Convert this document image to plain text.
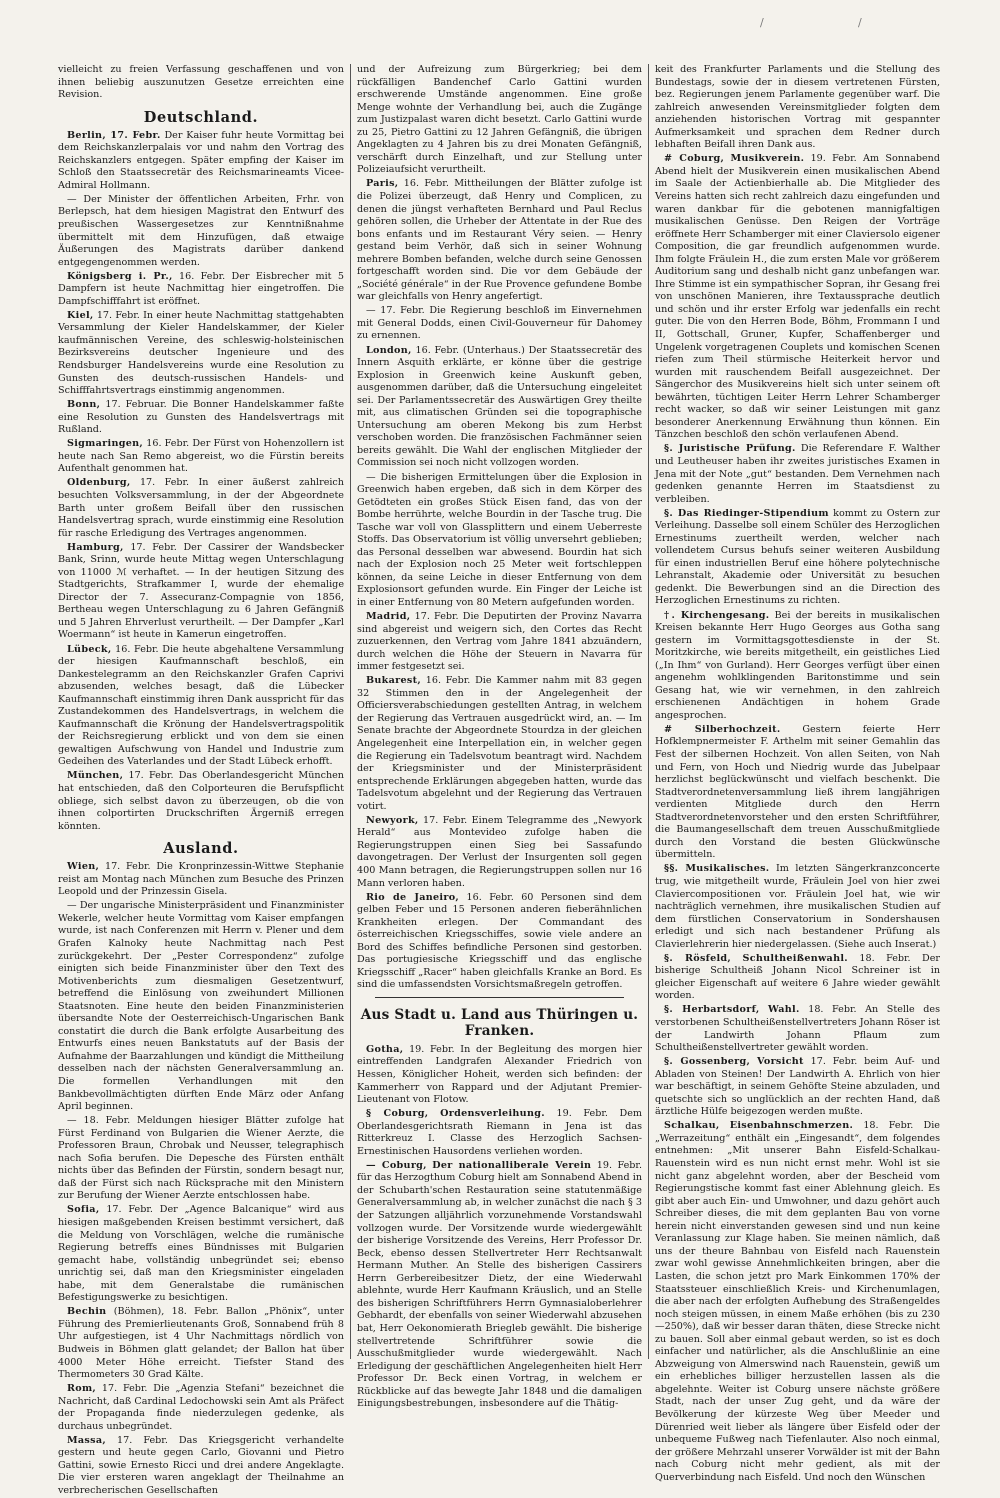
/	/

vielleicht zu freien Verfassung geschaffenen und von ihnen beliebig auszunutzen Gesetze erreichten eine Revision.

Deutschland.

Berlin, 17. Febr. Der Kaiser fuhr heute Vormittag bei dem Reichskanzlerpalais vor und nahm den Vortrag des Reichskanzlers entgegen. Später empfing der Kaiser im Schloß den Staatssecretär des Reichsmarineamts Vicee-Admiral Hollmann.

— Der Minister der öffentlichen Arbeiten, Frhr. von Berlepsch, hat dem hiesigen Magistrat den Entwurf des preußischen Wassergesetzes zur Kenntnißnahme übermittelt mit dem Hinzufügen, daß etwaige Äußerungen des Magistrats darüber dankend entgegengenommen werden.

Königsberg i. Pr., 16. Febr. Der Eisbrecher mit 5 Dampfern ist heute Nachmittag hier eingetroffen. Die Dampfschifffahrt ist eröffnet.

Kiel, 17. Febr. In einer heute Nachmittag stattgehabten Versammlung der Kieler Handelskammer, der Kieler kaufmännischen Vereine, des schleswig-holsteinischen Bezirksvereins deutscher Ingenieure und des Rendsburger Handelsvereins wurde eine Resolution zu Gunsten des deutsch-russischen Handels- und Schifffahrtsvertrags einstimmig angenommen.

Bonn, 17. Februar. Die Bonner Handelskammer faßte eine Resolution zu Gunsten des Handelsvertrags mit Rußland.

Sigmaringen, 16. Febr. Der Fürst von Hohenzollern ist heute nach San Remo abgereist, wo die Fürstin bereits Aufenthalt genommen hat.

Oldenburg, 17. Febr. In einer äußerst zahlreich besuchten Volksversammlung, in der der Abgeordnete Barth unter großem Beifall über den russischen Handelsvertrag sprach, wurde einstimmig eine Resolution für rasche Erledigung des Vertrages angenommen.

Hamburg, 17. Febr. Der Cassirer der Wandsbecker Bank, Srinn, wurde heute Mittag wegen Unterschlagung von 11000 ℳ verhaftet. — In der heutigen Sitzung des Stadtgerichts, Strafkammer I, wurde der ehemalige Director der 7. Assecuranz-Compagnie von 1856, Bertheau wegen Unterschlagung zu 6 Jahren Gefängniß und 5 Jahren Ehrverlust verurtheilt. — Der Dampfer „Karl Woermann“ ist heute in Kamerun eingetroffen.

Lübeck, 16. Febr. Die heute abgehaltene Versammlung der hiesigen Kaufmannschaft beschloß, ein Dankestelegramm an den Reichskanzler Grafen Caprivi abzusenden, welches besagt, daß die Lübecker Kaufmannschaft einstimmig ihren Dank ausspricht für das Zustandekommen des Handelsvertrags, in welchem die Kaufmannschaft die Krönung der Handelsvertragspolitik der Reichsregierung erblickt und von dem sie einen gewaltigen Aufschwung von Handel und Industrie zum Gedeihen des Vaterlandes und der Stadt Lübeck erhofft.

München, 17. Febr. Das Oberlandesgericht München hat entschieden, daß den Colporteuren die Berufspflicht obliege, sich selbst davon zu überzeugen, ob die von ihnen colportirten Druckschriften Ärgerniß erregen könnten.

Ausland.

Wien, 17. Febr. Die Kronprinzessin-Wittwe Stephanie reist am Montag nach München zum Besuche des Prinzen Leopold und der Prinzessin Gisela.

— Der ungarische Ministerpräsident und Finanzminister Wekerle, welcher heute Vormittag vom Kaiser empfangen wurde, ist nach Conferenzen mit Herrn v. Plener und dem Grafen Kalnoky heute Nachmittag nach Pest zurückgekehrt. Der „Pester Correspondenz“ zufolge einigten sich beide Finanzminister über den Text des Motivenberichts zum diesmaligen Gesetzentwurf, betreffend die Einlösung von zweihundert Millionen Staatsnoten. Eine heute den beiden Finanzministerien übersandte Note der Oesterreichisch-Ungarischen Bank constatirt die durch die Bank erfolgte Ausarbeitung des Entwurfs eines neuen Bankstatuts auf der Basis der Aufnahme der Baarzahlungen und kündigt die Mittheilung desselben nach der nächsten Generalversammlung an. Die formellen Verhandlungen mit den Bankbevollmächtigten dürften Ende März oder Anfang April beginnen.

— 18. Febr. Meldungen hiesiger Blätter zufolge hat Fürst Ferdinand von Bulgarien die Wiener Aerzte, die Professoren Braun, Chrobak und Neusser, telegraphisch nach Sofia berufen. Die Depesche des Fürsten enthält nichts über das Befinden der Fürstin, sondern besagt nur, daß der Fürst sich nach Rücksprache mit den Ministern zur Berufung der Wiener Aerzte entschlossen habe.

Sofia, 17. Febr. Der „Agence Balcanique“ wird aus hiesigen maßgebenden Kreisen bestimmt versichert, daß die Meldung von Vorschlägen, welche die rumänische Regierung betreffs eines Bündnisses mit Bulgarien gemacht habe, vollständig unbegründet sei; ebenso unrichtig sei, daß man den Kriegsminister eingeladen habe, mit dem Generalstabe die rumänischen Befestigungswerke zu besichtigen.

Bechin (Böhmen), 18. Febr. Ballon „Phönix“, unter Führung des Premierlieutenants Groß, Sonnabend früh 8 Uhr aufgestiegen, ist 4 Uhr Nachmittags nördlich von Budweis in Böhmen glatt gelandet; der Ballon hat über 4000 Meter Höhe erreicht. Tiefster Stand des Thermometers 30 Grad Kälte.

Rom, 17. Febr. Die „Agenzia Stefani“ bezeichnet die Nachricht, daß Cardinal Ledochowski sein Amt als Präfect der Propaganda finde niederzulegen gedenke, als durchaus unbegründet.

Massa, 17. Febr. Das Kriegsgericht verhandelte gestern und heute gegen Carlo, Giovanni und Pietro Gattini, sowie Ernesto Ricci und drei andere Angeklagte. Die vier ersteren waren angeklagt der Theilnahme an verbrecherischen Gesellschaften

und der Aufreizung zum Bürgerkrieg; bei dem rückfälligen Bandenchef Carlo Gattini wurden erschwerende Umstände angenommen. Eine große Menge wohnte der Verhandlung bei, auch die Zugänge zum Justizpalast waren dicht besetzt. Carlo Gattini wurde zu 25, Pietro Gattini zu 12 Jahren Gefängniß, die übrigen Angeklagten zu 4 Jahren bis zu drei Monaten Gefängniß, verschärft durch Einzelhaft, und zur Stellung unter Polizeiaufsicht verurtheilt.

Paris, 16. Febr. Mittheilungen der Blätter zufolge ist die Polizei überzeugt, daß Henry und Complicen, zu denen die jüngst verhafteten Bernhard und Paul Reclus gehören sollen, die Urheber der Attentate in der Rue des bons enfants und im Restaurant Véry seien. — Henry gestand beim Verhör, daß sich in seiner Wohnung mehrere Bomben befanden, welche durch seine Genossen fortgeschafft worden sind. Die vor dem Gebäude der „Société générale“ in der Rue Provence gefundene Bombe war gleichfalls von Henry angefertigt.

— 17. Febr. Die Regierung beschloß im Einvernehmen mit General Dodds, einen Civil-Gouverneur für Dahomey zu ernennen.

London, 16. Febr. (Unterhaus.) Der Staatssecretär des Innern Asquith erklärte, er könne über die gestrige Explosion in Greenwich keine Auskunft geben, ausgenommen darüber, daß die Untersuchung eingeleitet sei. Der Parlamentssecretär des Auswärtigen Grey theilte mit, aus climatischen Gründen sei die topographische Untersuchung am oberen Mekong bis zum Herbst verschoben worden. Die französischen Fachmänner seien bereits gewählt. Die Wahl der englischen Mitglieder der Commission sei noch nicht vollzogen worden.

— Die bisherigen Ermittelungen über die Explosion in Greenwich haben ergeben, daß sich in dem Körper des Getödteten ein großes Stück Eisen fand, das von der Bombe herrührte, welche Bourdin in der Tasche trug. Die Tasche war voll von Glassplittern und einem Ueberreste Stoffs. Das Observatorium ist völlig unversehrt geblieben; das Personal desselben war abwesend. Bourdin hat sich nach der Explosion noch 25 Meter weit fortschleppen können, da seine Leiche in dieser Entfernung von dem Explosionsort gefunden wurde. Ein Finger der Leiche ist in einer Entfernung von 80 Metern aufgefunden worden.

Madrid, 17. Febr. Die Deputirten der Provinz Navarra sind abgereist und weigern sich, den Cortes das Recht zuzuerkennen, den Vertrag vom Jahre 1841 abzuändern, durch welchen die Höhe der Steuern in Navarra für immer festgesetzt sei.

Bukarest, 16. Febr. Die Kammer nahm mit 83 gegen 32 Stimmen den in der Angelegenheit der Officiersverabschiedungen gestellten Antrag, in welchem der Regierung das Vertrauen ausgedrückt wird, an. — Im Senate brachte der Abgeordnete Stourdza in der gleichen Angelegenheit eine Interpellation ein, in welcher gegen die Regierung ein Tadelsvotum beantragt wird. Nachdem der Kriegsminister und der Ministerpräsident entsprechende Erklärungen abgegeben hatten, wurde das Tadelsvotum abgelehnt und der Regierung das Vertrauen votirt.

Newyork, 17. Febr. Einem Telegramme des „Newyork Herald“ aus Montevideo zufolge haben die Regierungstruppen einen Sieg bei Sassafundo davongetragen. Der Verlust der Insurgenten soll gegen 400 Mann betragen, die Regierungstruppen sollen nur 16 Mann verloren haben.

Rio de Janeiro, 16. Febr. 60 Personen sind dem gelben Feber und 15 Personen anderen fieberähnlichen Krankheiten erlegen. Der Commandant des österreichischen Kriegsschiffes, sowie viele andere an Bord des Schiffes befindliche Personen sind gestorben. Das portugiesische Kriegsschiff und das englische Kriegsschiff „Racer“ haben gleichfalls Kranke an Bord. Es sind die umfassendsten Vorsichtsmaßregeln getroffen.

Aus Stadt u. Land aus Thüringen u. Franken.

Gotha, 19. Febr. In der Begleitung des morgen hier eintreffenden Landgrafen Alexander Friedrich von Hessen, Königlicher Hoheit, werden sich befinden: der Kammerherr von Rappard und der Adjutant Premier-Lieutenant von Flotow.

§ Coburg, Ordensverleihung. 19. Febr. Dem Oberlandesgerichtsrath Riemann in Jena ist das Ritterkreuz I. Classe des Herzoglich Sachsen-Ernestinischen Hausordens verliehen worden.

— Coburg, Der nationalliberale Verein 19. Febr. für das Herzogthum Coburg hielt am Sonnabend Abend in der Schubarth'schen Restauration seine statutenmäßige Generalversammlung ab, in welcher zunächst die nach § 3 der Satzungen alljährlich vorzunehmende Vorstandswahl vollzogen wurde. Der Vorsitzende wurde wiedergewählt der bisherige Vorsitzende des Vereins, Herr Professor Dr. Beck, ebenso dessen Stellvertreter Herr Rechtsanwalt Hermann Muther. An Stelle des bisherigen Cassirers Herrn Gerbereibesitzer Dietz, der eine Wiederwahl ablehnte, wurde Herr Kaufmann Kräuslich, und an Stelle des bisherigen Schriftführers Herrn Gymnasialoberlehrer Gebhardt, der ebenfalls von seiner Wiederwahl abzusehen bat, Herr Oekonomierath Briegleb gewählt. Die bisherige stellvertretende Schriftführer sowie die Ausschußmitglieder wurde wiedergewählt. Nach Erledigung der geschäftlichen Angelegenheiten hielt Herr Professor Dr. Beck einen Vortrag, in welchem er Rückblicke auf das bewegte Jahr 1848 und die damaligen Einigungsbestrebungen, insbesondere auf die Thätig-

keit des Frankfurter Parlaments und die Stellung des Bundestags, sowie der in diesem vertretenen Fürsten, bez. Regierungen jenem Parlamente gegenüber warf. Die zahlreich anwesenden Vereinsmitglieder folgten dem anziehenden historischen Vortrag mit gespannter Aufmerksamkeit und sprachen dem Redner durch lebhaften Beifall ihren Dank aus.

# Coburg, Musikverein. 19. Febr. Am Sonnabend Abend hielt der Musikverein einen musikalischen Abend im Saale der Actienbierhalle ab. Die Mitglieder des Vereins hatten sich recht zahlreich dazu eingefunden und waren dankbar für die gebotenen mannigfaltigen musikalischen Genüsse. Den Reigen der Vorträge eröffnete Herr Schamberger mit einer Claviersolo eigener Composition, die gar freundlich aufgenommen wurde. Ihm folgte Fräulein H., die zum ersten Male vor größerem Auditorium sang und deshalb nicht ganz unbefangen war. Ihre Stimme ist ein sympathischer Sopran, ihr Gesang frei von unschönen Manieren, ihre Textaussprache deutlich und schön und ihr erster Erfolg war jedenfalls ein recht guter. Die von den Herren Bode, Böhm, Frommann I und II, Gottschall, Gruner, Kupfer, Schaffenberger und Ungelenk vorgetragenen Couplets und komischen Scenen riefen zum Theil stürmische Heiterkeit hervor und wurden mit rauschendem Beifall ausgezeichnet. Der Sängerchor des Musikvereins hielt sich unter seinem oft bewährten, tüchtigen Leiter Herrn Lehrer Schamberger recht wacker, so daß wir seiner Leistungen mit ganz besonderer Anerkennung Erwähnung thun können. Ein Tänzchen beschloß den schön verlaufenen Abend.

§. Juristische Prüfung. Die Referendare F. Walther und Leutheuser haben ihr zweites juristisches Examen in Jena mit der Note „gut“ bestanden. Dem Vernehmen nach gedenken genannte Herren im Staatsdienst zu verbleiben.

§. Das Riedinger-Stipendium kommt zu Ostern zur Verleihung. Dasselbe soll einem Schüler des Herzoglichen Ernestinums zuertheilt werden, welcher nach vollendetem Cursus behufs seiner weiteren Ausbildung für einen industriellen Beruf eine höhere polytechnische Lehranstalt, Akademie oder Universität zu besuchen gedenkt. Die Bewerbungen sind an die Direction des Herzoglichen Ernestinums zu richten.

†. Kirchengesang. Bei der bereits in musikalischen Kreisen bekannte Herr Hugo Georges aus Gotha sang gestern im Vormittagsgottesdienste in der St. Moritzkirche, wie bereits mitgetheilt, ein geistliches Lied („In Ihm“ von Gurland). Herr Georges verfügt über einen angenehm wohlklingenden Baritonstimme und sein Gesang hat, wie wir vernehmen, in den zahlreich erschienenen Andächtigen in hohem Grade angesprochen.

# Silberhochzeit. Gestern feierte Herr Hofklempnermeister F. Arthelm mit seiner Gemahlin das Fest der silbernen Hochzeit. Von allen Seiten, von Nah und Fern, von Hoch und Niedrig wurde das Jubelpaar herzlichst beglückwünscht und vielfach beschenkt. Die Stadtverordnetenversammlung ließ ihrem langjährigen verdienten Mitgliede durch den Herrn Stadtverordnetenvorsteher und den ersten Schriftführer, die Baumangesellschaft dem treuen Ausschußmitgliede durch den Vorstand die besten Glückwünsche übermitteln.

§§. Musikalisches. Im letzten Sängerkranzconcerte trug, wie mitgetheilt wurde, Fräulein Joel von hier zwei Claviercompositionen vor. Fräulein Joel hat, wie wir nachträglich vernehmen, ihre musikalischen Studien auf dem fürstlichen Conservatorium in Sondershausen erledigt und sich nach bestandener Prüfung als Clavierlehrerin hier niedergelassen. (Siehe auch Inserat.)

§. Rösfeld, Schultheißenwahl. 18. Febr. Der bisherige Schultheiß Johann Nicol Schreiner ist in gleicher Eigenschaft auf weitere 6 Jahre wieder gewählt worden.

§. Herbartsdorf, Wahl. 18. Febr. An Stelle des verstorbenen Schultheißenstellvertreters Johann Röser ist der Landwirth Johann Pflaum zum Schultheißenstellvertreter gewählt worden.

§. Gossenberg, Vorsicht 17. Febr. beim Auf- und Abladen von Steinen! Der Landwirth A. Ehrlich von hier war beschäftigt, in seinem Gehöfte Steine abzuladen, und quetschte sich so unglücklich an der rechten Hand, daß ärztliche Hülfe beigezogen werden mußte.

Schalkau, Eisenbahnschmerzen. 18. Febr. Die „Werrazeitung“ enthält ein „Eingesandt“, dem folgendes entnehmen: „Mit unserer Bahn Eisfeld-Schalkau-Rauenstein wird es nun nicht ernst mehr. Wohl ist sie nicht ganz abgelehnt worden, aber der Bescheid vom Regierungstische kommt fast einer Ablehnung gleich. Es gibt aber auch Ein- und Umwohner, und dazu gehört auch Schreiber dieses, die mit dem geplanten Bau von vorne herein nicht einverstanden gewesen sind und nun keine Veranlassung zur Klage haben. Sie meinen nämlich, daß uns der theure Bahnbau von Eisfeld nach Rauenstein zwar wohl gewisse Annehmlichkeiten bringen, aber die Lasten, die schon jetzt pro Mark Einkommen 170% der Staatssteuer einschließlich Kreis- und Kirchenumlagen, die aber nach der erfolgten Aufhebung des Straßengeldes noch steigen müssen, in einem Maße erhöhen (bis zu 230—250%), daß wir besser daran thäten, diese Strecke nicht zu bauen. Soll aber einmal gebaut werden, so ist es doch einfacher und natürlicher, als die Anschlußlinie an eine Abzweigung von Almerswind nach Rauenstein, gewiß um ein erhebliches billiger herzustellen lassen als die abgelehnte. Weiter ist Coburg unsere nächste größere Stadt, nach der unser Zug geht, und da wäre der Bevölkerung der kürzeste Weg über Meeder und Dürenried weit lieber als längere über Eisfeld oder der unbequeme Fußweg nach Tiefenlauter. Also noch einmal, der größere Mehrzahl unserer Vorwälder ist mit der Bahn nach Coburg nicht mehr gedient, als mit der Querverbindung nach Eisfeld. Und noch den Wünschen
